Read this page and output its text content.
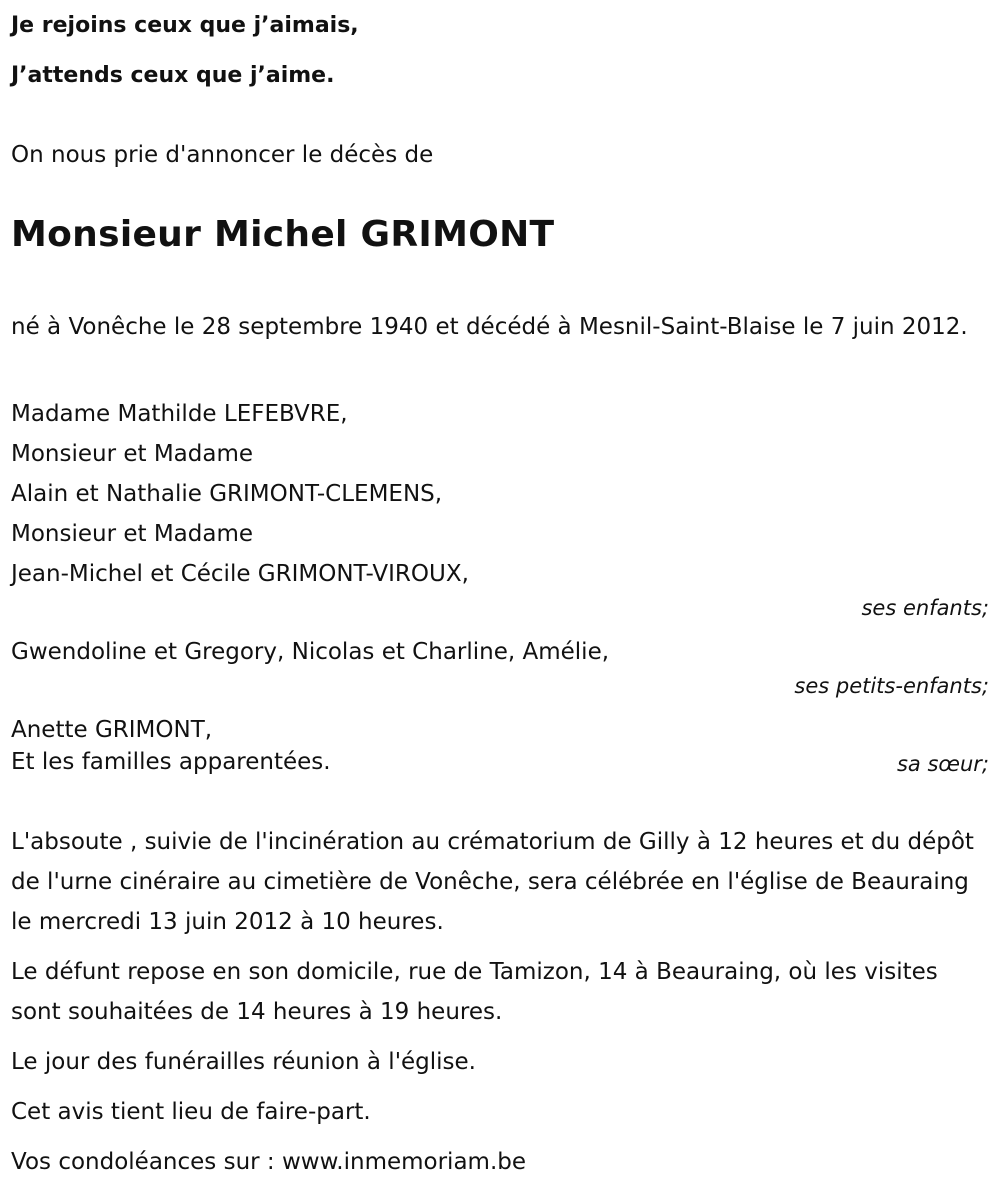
Je rejoins ceux que j’aimais,
J’attends ceux que j’aime.
On nous prie d'annoncer le décès de
Monsieur Michel GRIMONT
né à Vonêche le 28 septembre 1940 et décédé à Mesnil-Saint-Blaise le 7 juin 2012.
Madame Mathilde LEFEBVRE,
Monsieur et Madame
Alain et Nathalie GRIMONT-CLEMENS,
Monsieur et Madame
Jean-Michel et Cécile GRIMONT-VIROUX,
ses enfants;
Gwendoline et Gregory, Nicolas et Charline, Amélie,
ses petits-enfants;
Anette GRIMONT,
sa sœur;
Et les familles apparentées.

L'absoute , suivie de l'incinération au crématorium de Gilly à 12 heures et du dépôt de l'urne cinéraire au cimetière de Vonêche, sera célébrée en l'église de Beauraing le mercredi 13 juin 2012 à 10 heures.

Le défunt repose en son domicile, rue de Tamizon, 14 à Beauraing, où les visites sont souhaitées de 14 heures à 19 heures.

Le jour des funérailles réunion à l'église.

Cet avis tient lieu de faire-part.

Vos condoléances sur : www.inmemoriam.be
